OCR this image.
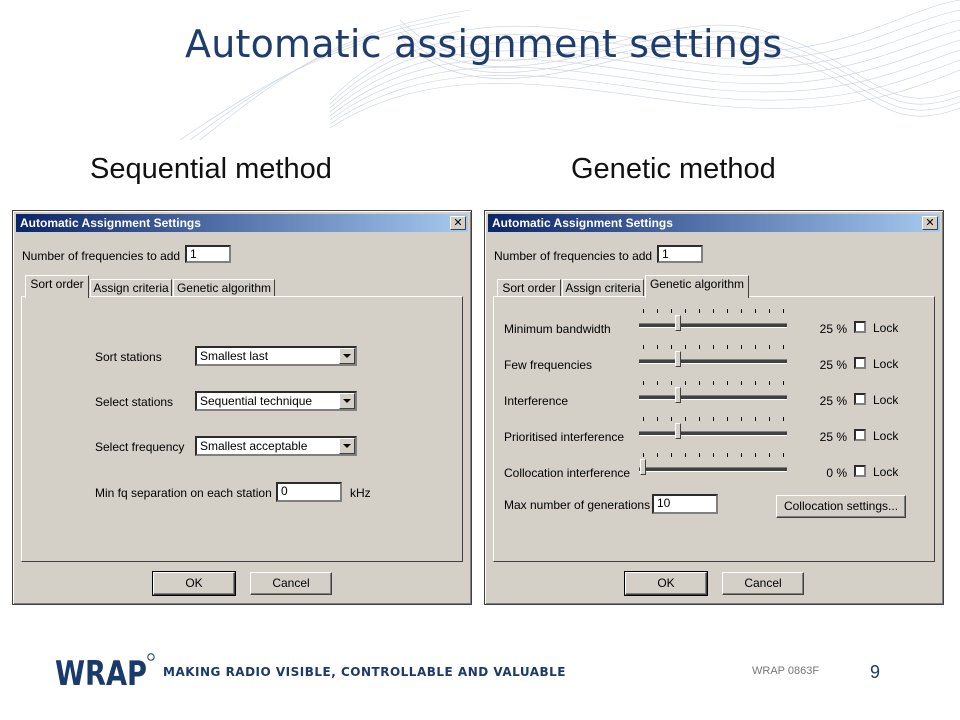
Automatic assignment settings
Sequential method	Genetic method
Automatic Assignment Settings	✕
Number of frequencies to add 1
Sort order Assign criteria Genetic algorithm
Sort stations	Smallest last
Select stations	Sequential technique
Select frequency	Smallest acceptable
Min fq separation on each station 0	kHz
OK	Cancel
Automatic Assignment Settings	✕
Number of frequencies to add 1
Sort order Assign criteria Genetic algorithm
Minimum bandwidth	25 % Lock
Few frequencies	25 % Lock
Interference	25 % Lock
Prioritised interference	25 % Lock
Collocation interference	0 % Lock
Max number of generations 10	Collocation settings...
OK	Cancel
WRAP MAKING RADIO VISIBLE, CONTROLLABLE AND VALUABLE	WRAP 0863F	9
